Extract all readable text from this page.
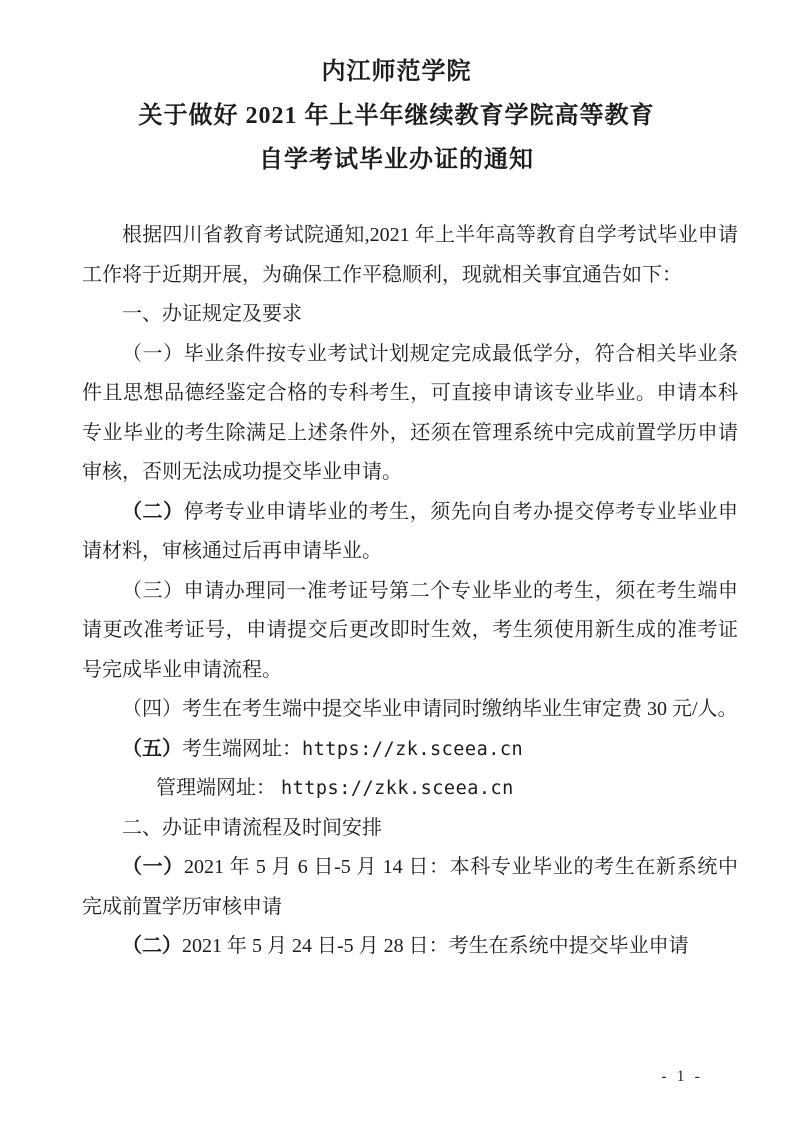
内江师范学院

关于做好 2021 年上半年继续教育学院高等教育

自学考试毕业办证的通知

根据四川省教育考试院通知,2021 年上半年高等教育自学考试毕业申请工作将于近期开展，为确保工作平稳顺利，现就相关事宜通告如下：

一、办证规定及要求

（一）毕业条件按专业考试计划规定完成最低学分，符合相关毕业条件且思想品德经鉴定合格的专科考生，可直接申请该专业毕业。申请本科专业毕业的考生除满足上述条件外，还须在管理系统中完成前置学历申请审核，否则无法成功提交毕业申请。

（二）停考专业申请毕业的考生，须先向自考办提交停考专业毕业申请材料，审核通过后再申请毕业。

（三）申请办理同一准考证号第二个专业毕业的考生，须在考生端申请更改准考证号，申请提交后更改即时生效，考生须使用新生成的准考证号完成毕业申请流程。

（四）考生在考生端中提交毕业申请同时缴纳毕业生审定费 30 元/人。

（五）考生端网址：https://zk.sceea.cn

管理端网址： https://zkk.sceea.cn

二、办证申请流程及时间安排

（一）2021 年 5 月 6 日-5 月 14 日：本科专业毕业的考生在新系统中完成前置学历审核申请

（二）2021 年 5 月 24 日-5 月 28 日：考生在系统中提交毕业申请

- 1 -
